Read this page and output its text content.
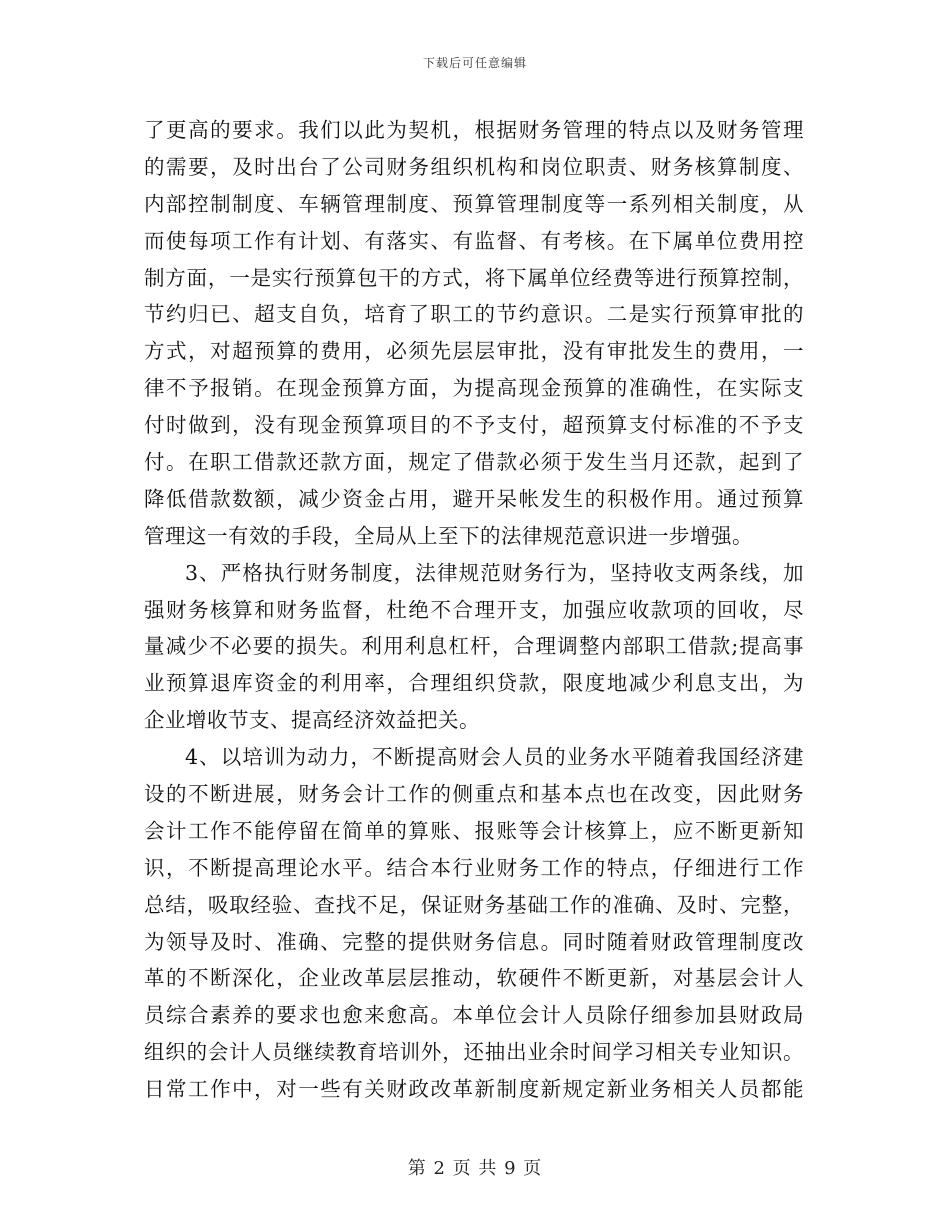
下载后可任意编辑
了更高的要求。我们以此为契机，根据财务管理的特点以及财务管理
的需要，及时出台了公司财务组织机构和岗位职责、财务核算制度、
内部控制制度、车辆管理制度、预算管理制度等一系列相关制度，从
而使每项工作有计划、有落实、有监督、有考核。在下属单位费用控
制方面，一是实行预算包干的方式，将下属单位经费等进行预算控制，
节约归已、超支自负，培育了职工的节约意识。二是实行预算审批的
方式，对超预算的费用，必须先层层审批，没有审批发生的费用，一
律不予报销。在现金预算方面，为提高现金预算的准确性，在实际支
付时做到，没有现金预算项目的不予支付，超预算支付标准的不予支
付。在职工借款还款方面，规定了借款必须于发生当月还款，起到了
降低借款数额，减少资金占用，避开呆帐发生的积极作用。通过预算
管理这一有效的手段，全局从上至下的法律规范意识进一步增强。
3、严格执行财务制度，法律规范财务行为，坚持收支两条线，加
强财务核算和财务监督，杜绝不合理开支，加强应收款项的回收，尽
量减少不必要的损失。利用利息杠杆，合理调整内部职工借款;提高事
业预算退库资金的利用率，合理组织贷款，限度地减少利息支出，为
企业增收节支、提高经济效益把关。
4、以培训为动力，不断提高财会人员的业务水平随着我国经济建
设的不断进展，财务会计工作的侧重点和基本点也在改变，因此财务
会计工作不能停留在简单的算账、报账等会计核算上，应不断更新知
识，不断提高理论水平。结合本行业财务工作的特点，仔细进行工作
总结，吸取经验、查找不足，保证财务基础工作的准确、及时、完整，
为领导及时、准确、完整的提供财务信息。同时随着财政管理制度改
革的不断深化，企业改革层层推动，软硬件不断更新，对基层会计人
员综合素养的要求也愈来愈高。本单位会计人员除仔细参加县财政局
组织的会计人员继续教育培训外，还抽出业余时间学习相关专业知识。
日常工作中，对一些有关财政改革新制度新规定新业务相关人员都能
第 2 页 共 9 页
